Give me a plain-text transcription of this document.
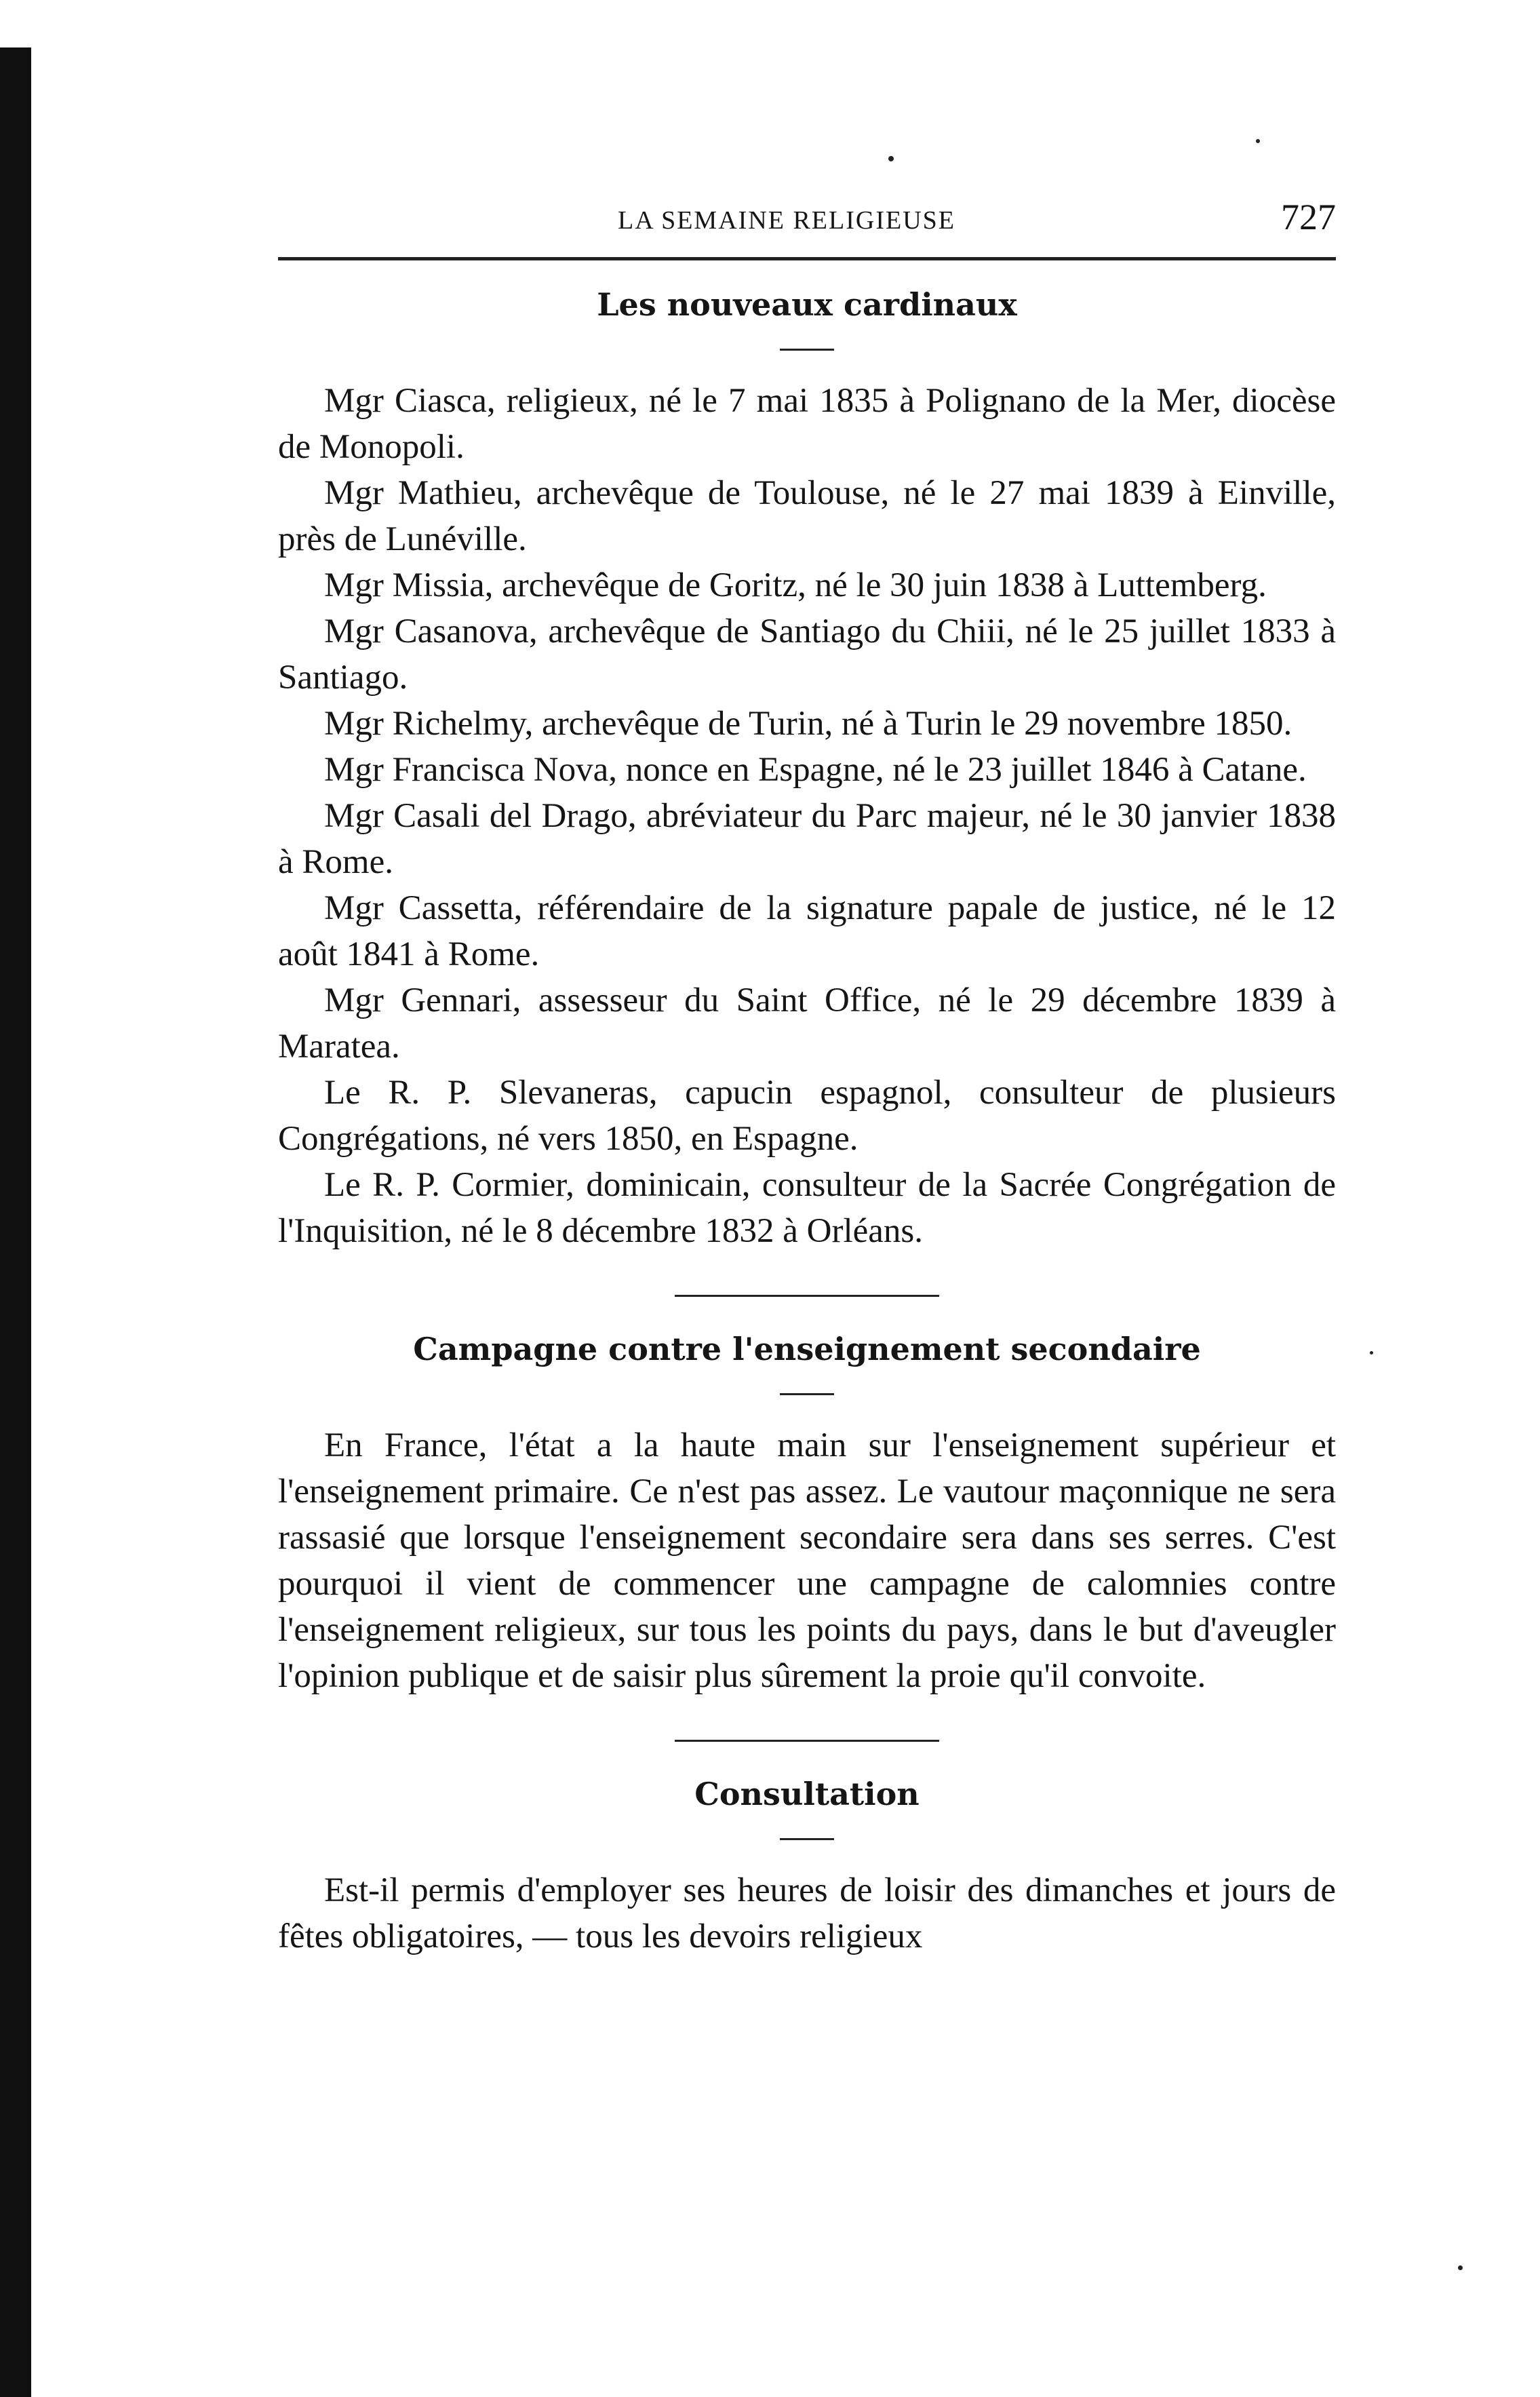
LA SEMAINE RELIGIEUSE	727
Les nouveaux cardinaux

Mgr Ciasca, religieux, né le 7 mai 1835 à Polignano de la Mer, diocèse de Monopoli.

Mgr Mathieu, archevêque de Toulouse, né le 27 mai 1839 à Einville, près de Lunéville.

Mgr Missia, archevêque de Goritz, né le 30 juin 1838 à Luttemberg.

Mgr Casanova, archevêque de Santiago du Chiii, né le 25 juillet 1833 à Santiago.

Mgr Richelmy, archevêque de Turin, né à Turin le 29 novembre 1850.

Mgr Francisca Nova, nonce en Espagne, né le 23 juillet 1846 à Catane.

Mgr Casali del Drago, abréviateur du Parc majeur, né le 30 janvier 1838 à Rome.

Mgr Cassetta, référendaire de la signature papale de justice, né le 12 août 1841 à Rome.

Mgr Gennari, assesseur du Saint Office, né le 29 décembre 1839 à Maratea.

Le R. P. Slevaneras, capucin espagnol, consulteur de plusieurs Congrégations, né vers 1850, en Espagne.

Le R. P. Cormier, dominicain, consulteur de la Sacrée Congrégation de l'Inquisition, né le 8 décembre 1832 à Orléans.

Campagne contre l'enseignement secondaire

En France, l'état a la haute main sur l'enseignement supérieur et l'enseignement primaire. Ce n'est pas assez. Le vautour maçonnique ne sera rassasié que lorsque l'enseignement secondaire sera dans ses serres. C'est pourquoi il vient de commencer une campagne de calomnies contre l'enseignement religieux, sur tous les points du pays, dans le but d'aveugler l'opinion publique et de saisir plus sûrement la proie qu'il convoite.

Consultation

Est-il permis d'employer ses heures de loisir des dimanches et jours de fêtes obligatoires, — tous les devoirs religieux
